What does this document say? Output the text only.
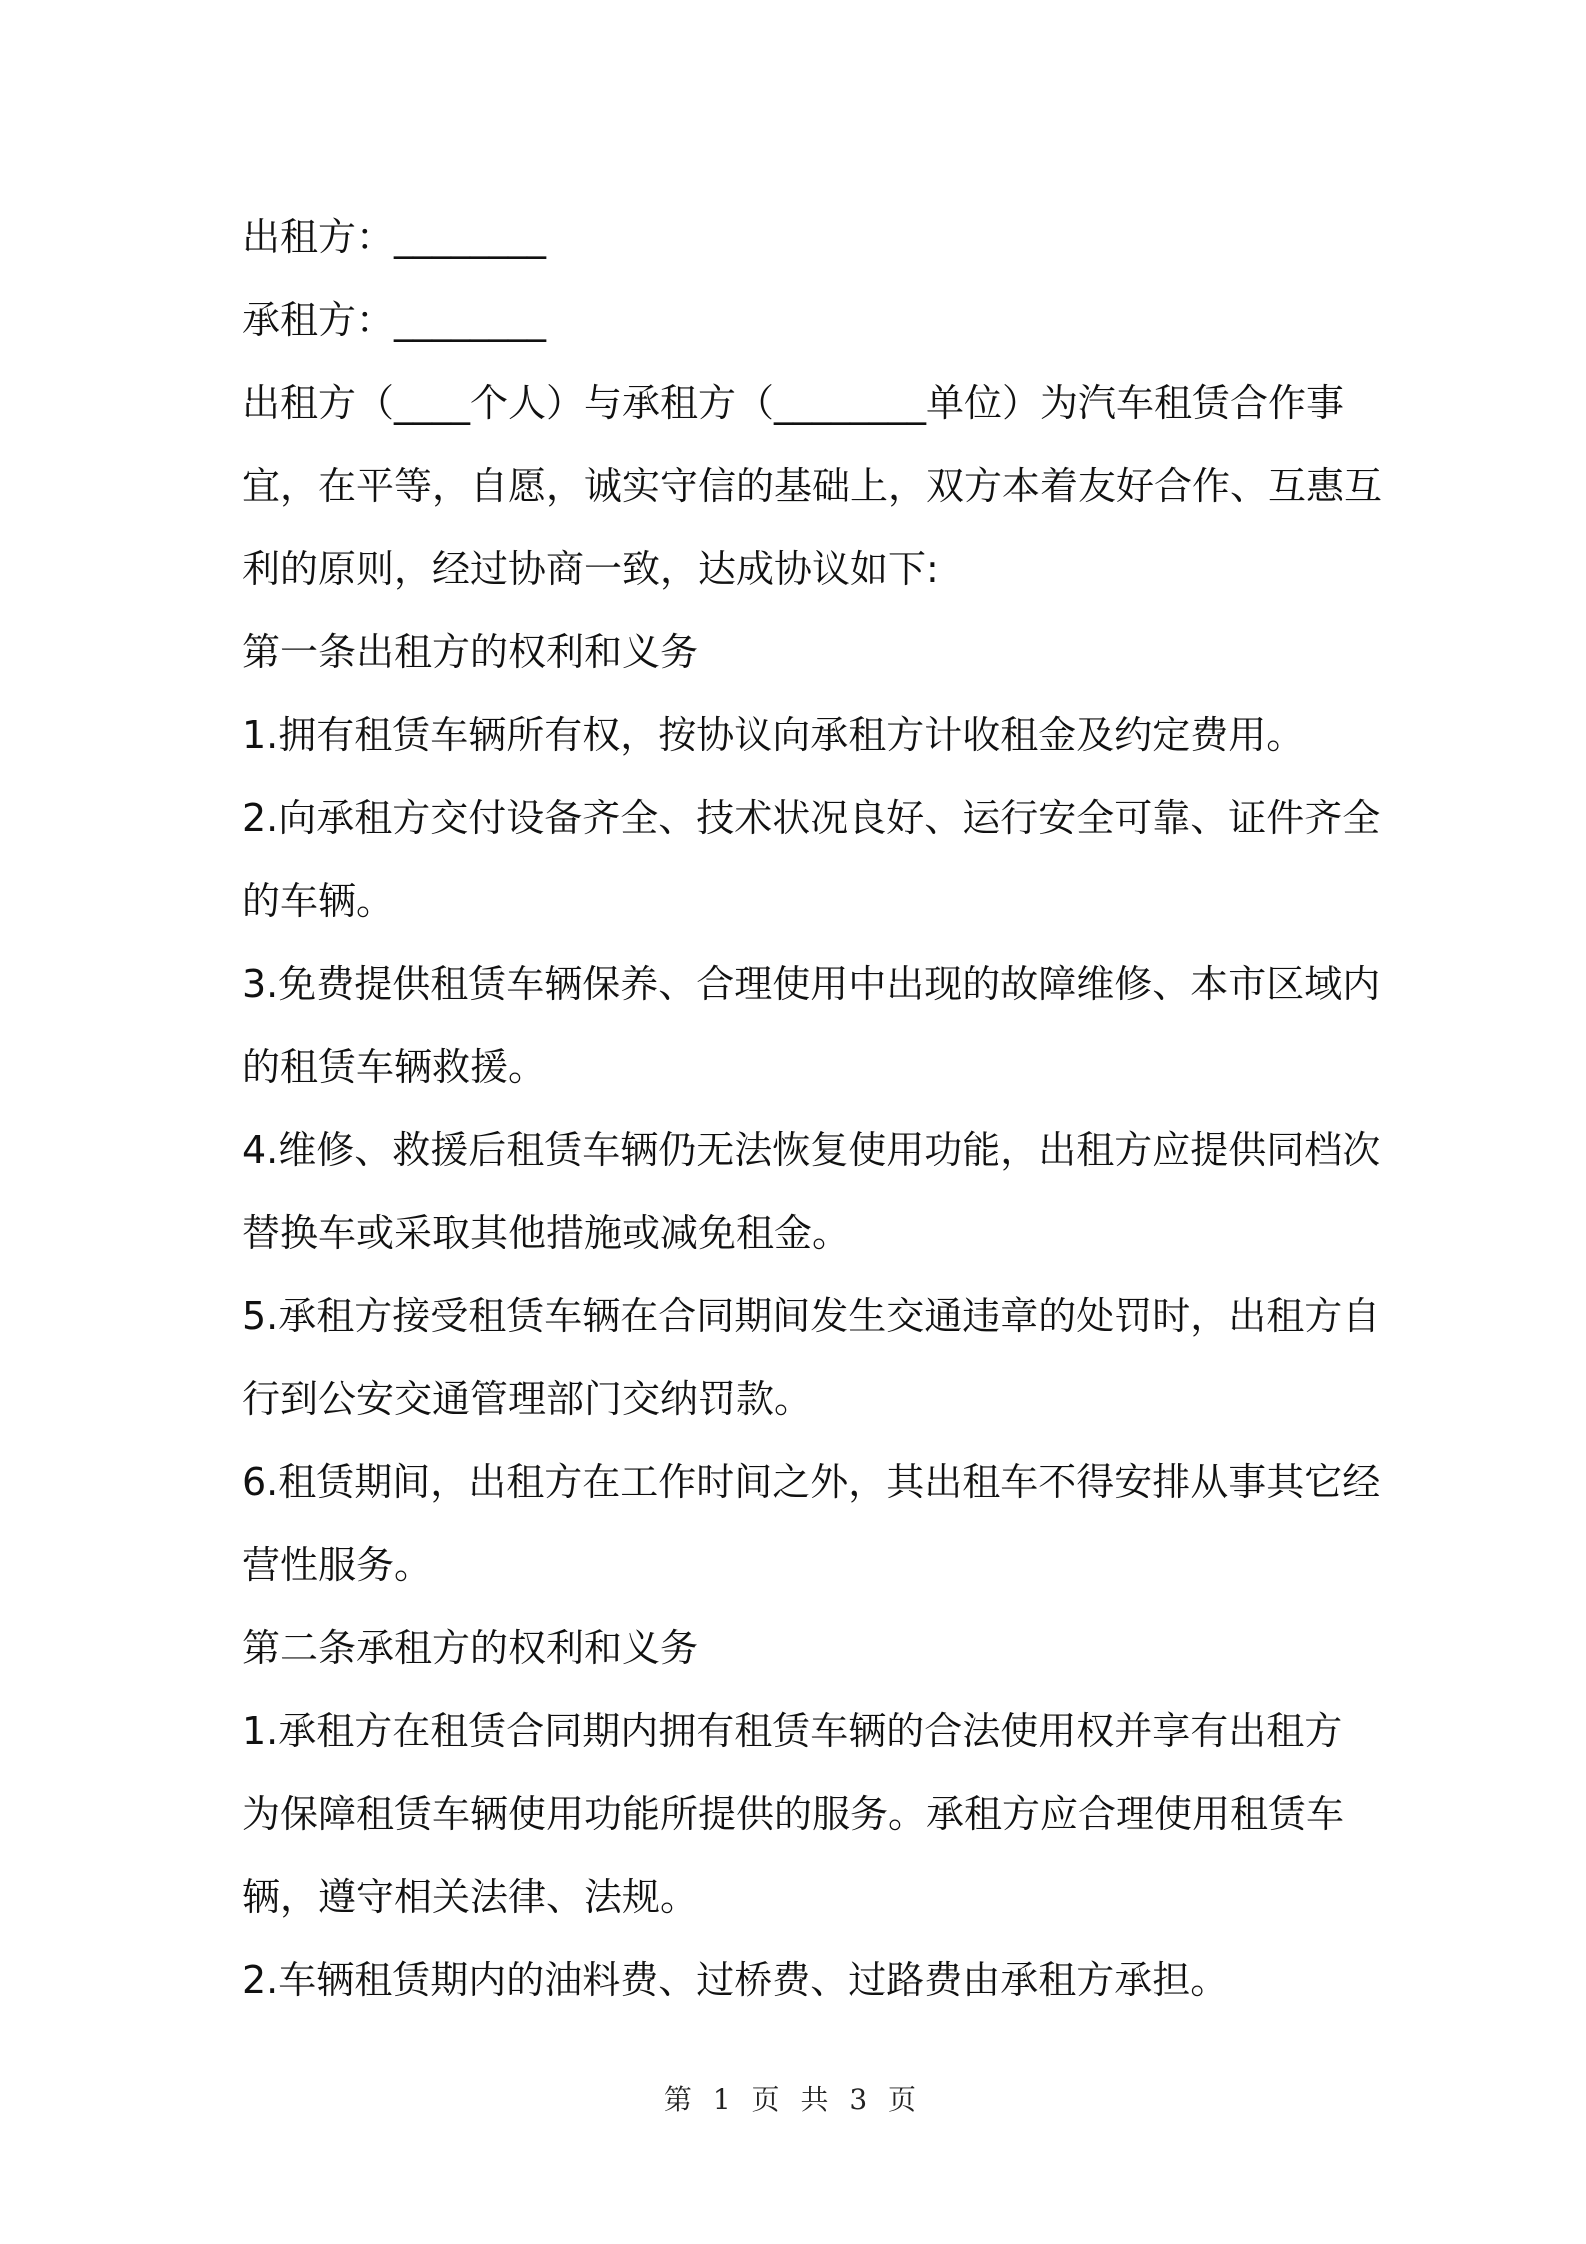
出租方：________
承租方：________
出租方（____个人）与承租方（________单位）为汽车租赁合作事
宜，在平等，自愿，诚实守信的基础上，双方本着友好合作、互惠互
利的原则，经过协商一致，达成协议如下:
第一条出租方的权利和义务
1.拥有租赁车辆所有权，按协议向承租方计收租金及约定费用。
2.向承租方交付设备齐全、技术状况良好、运行安全可靠、证件齐全
的车辆。
3.免费提供租赁车辆保养、合理使用中出现的故障维修、本市区域内
的租赁车辆救援。
4.维修、救援后租赁车辆仍无法恢复使用功能，出租方应提供同档次
替换车或采取其他措施或减免租金。
5.承租方接受租赁车辆在合同期间发生交通违章的处罚时，出租方自
行到公安交通管理部门交纳罚款。
6.租赁期间，出租方在工作时间之外，其出租车不得安排从事其它经
营性服务。
第二条承租方的权利和义务
1.承租方在租赁合同期内拥有租赁车辆的合法使用权并享有出租方
为保障租赁车辆使用功能所提供的服务。承租方应合理使用租赁车
辆，遵守相关法律、法规。
2.车辆租赁期内的油料费、过桥费、过路费由承租方承担。
第 1 页 共 3 页
